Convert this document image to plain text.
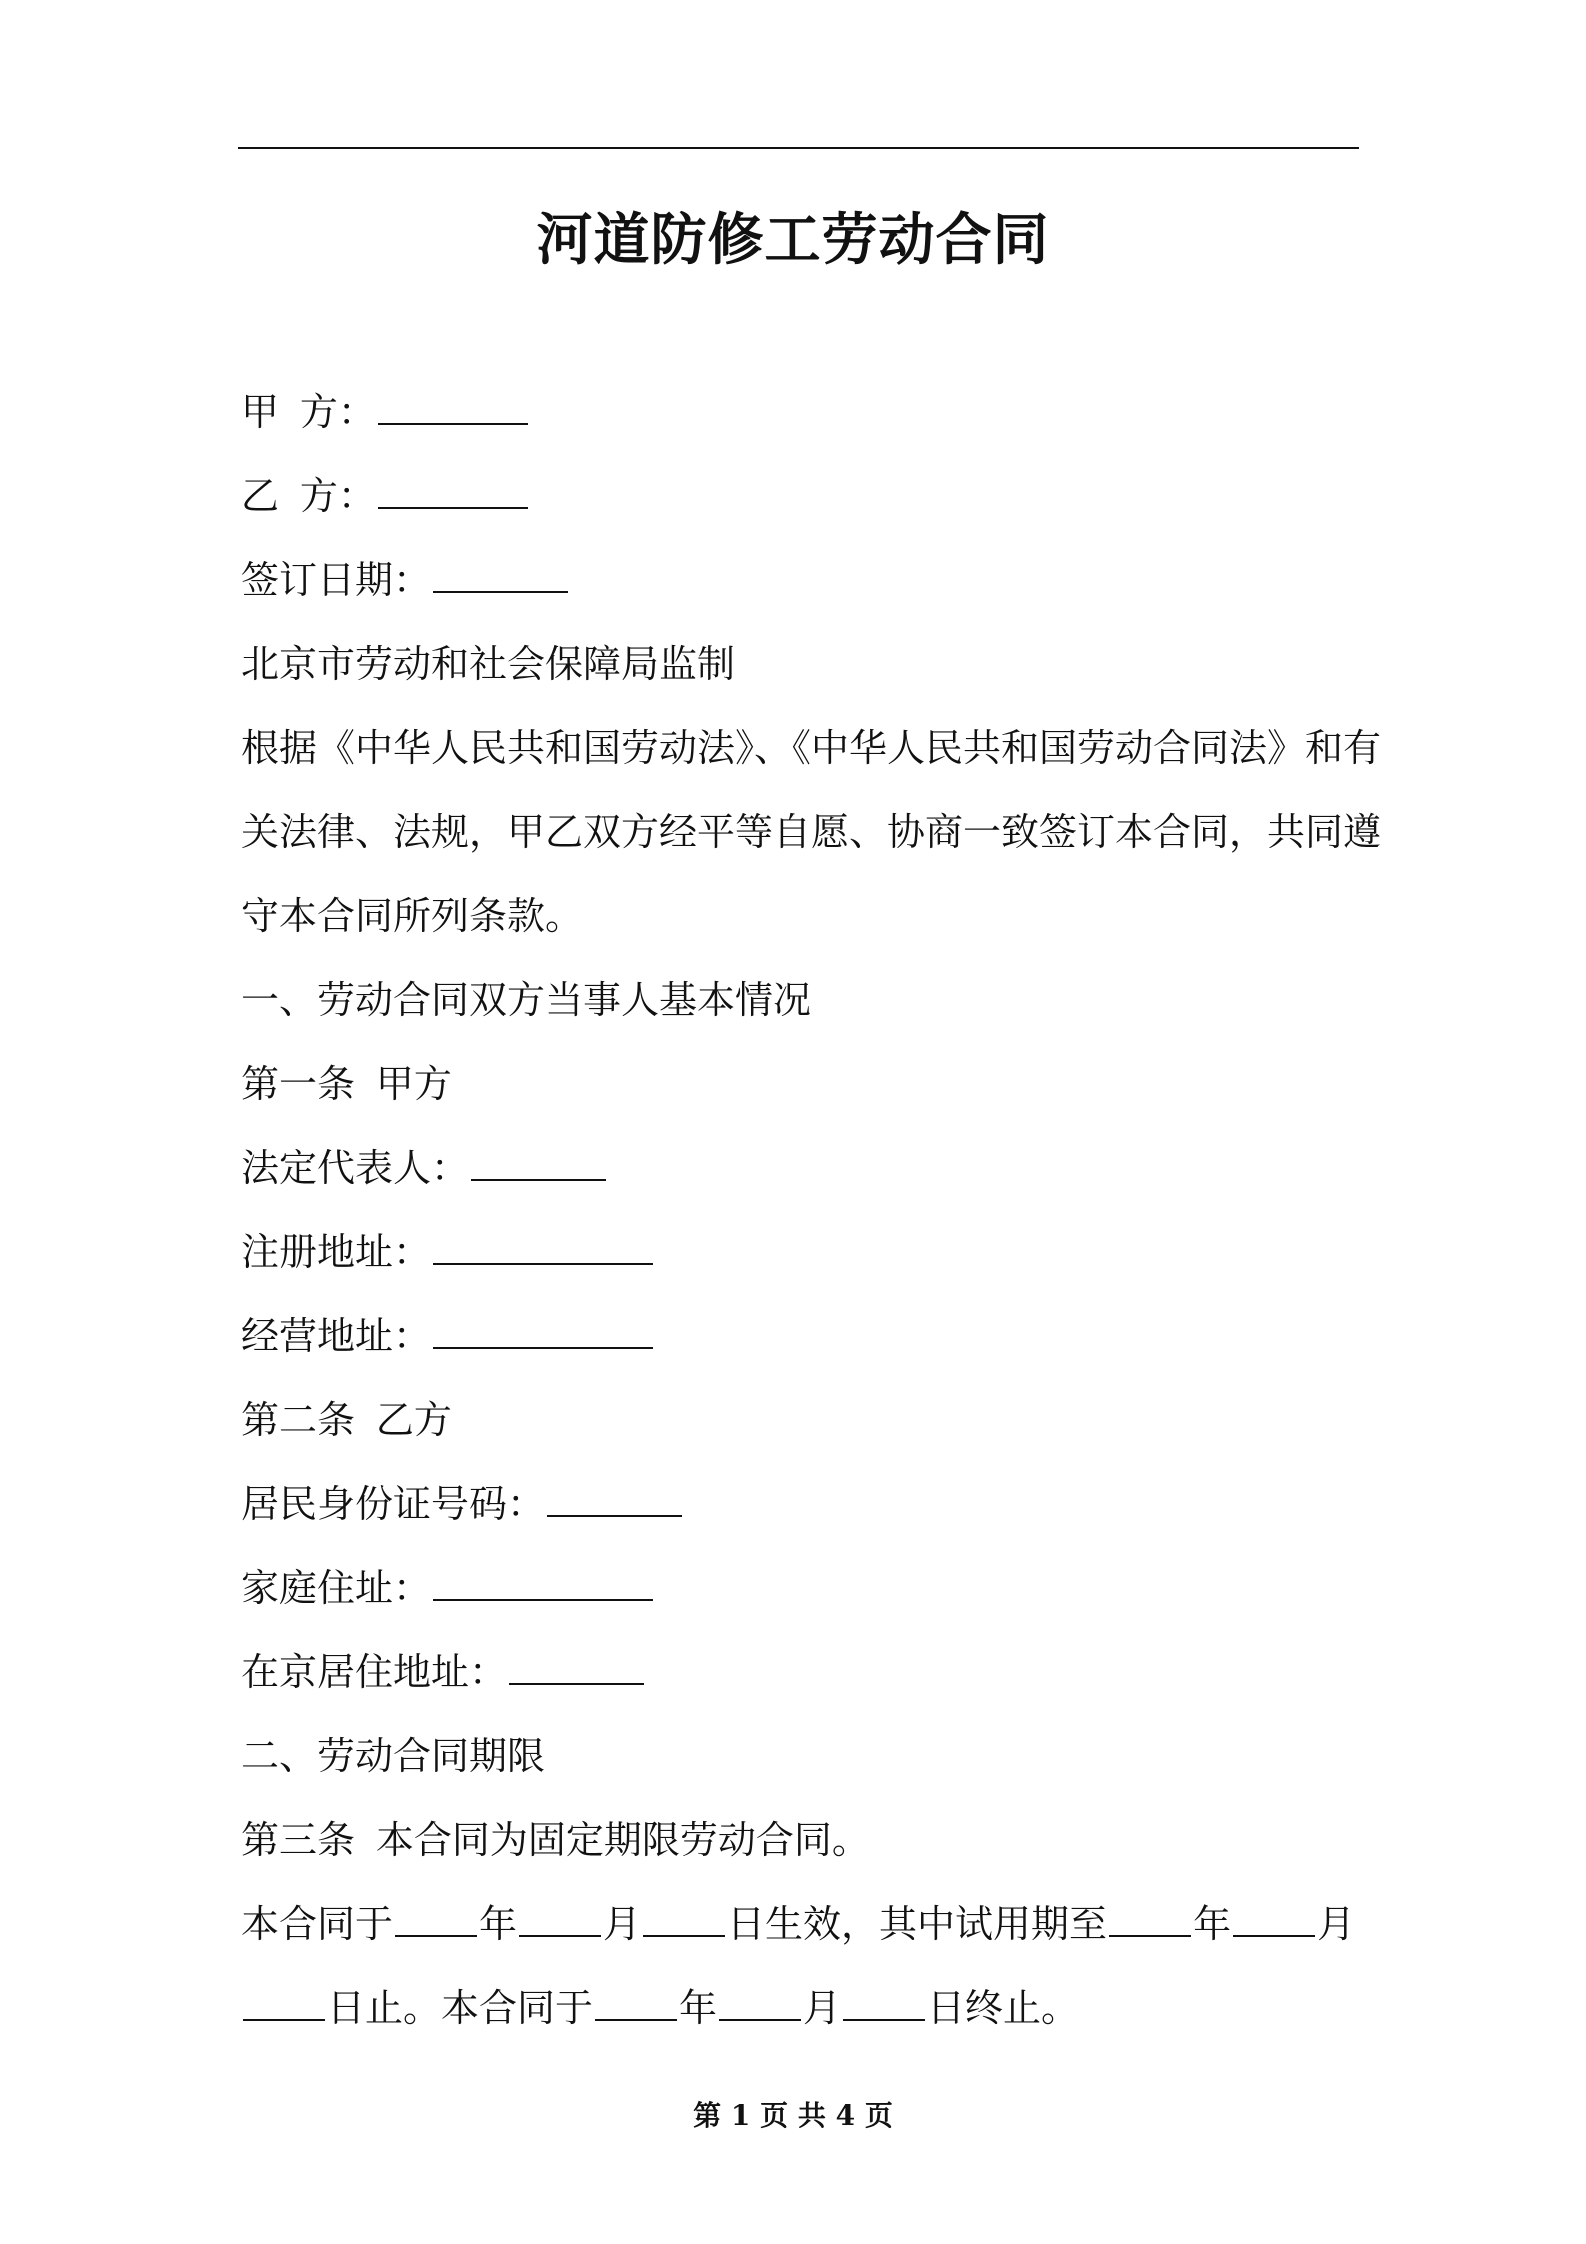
河道防修工劳动合同
甲 方：
乙 方：
签订日期：
北京市劳动和社会保障局监制
根据《中华人民共和国劳动法》、《中华人民共和国劳动合同法》和有
关法律、法规，甲乙双方经平等自愿、协商一致签订本合同，共同遵
守本合同所列条款。
一、劳动合同双方当事人基本情况
第一条 甲方
法定代表人：
注册地址：
经营地址：
第二条 乙方
居民身份证号码：
家庭住址：
在京居住地址：
二、劳动合同期限
第三条 本合同为固定期限劳动合同。
本合同于 年 月 日生效，其中试用期至 年 月
日止。本合同于 年 月 日终止。
第 1 页 共 4 页
